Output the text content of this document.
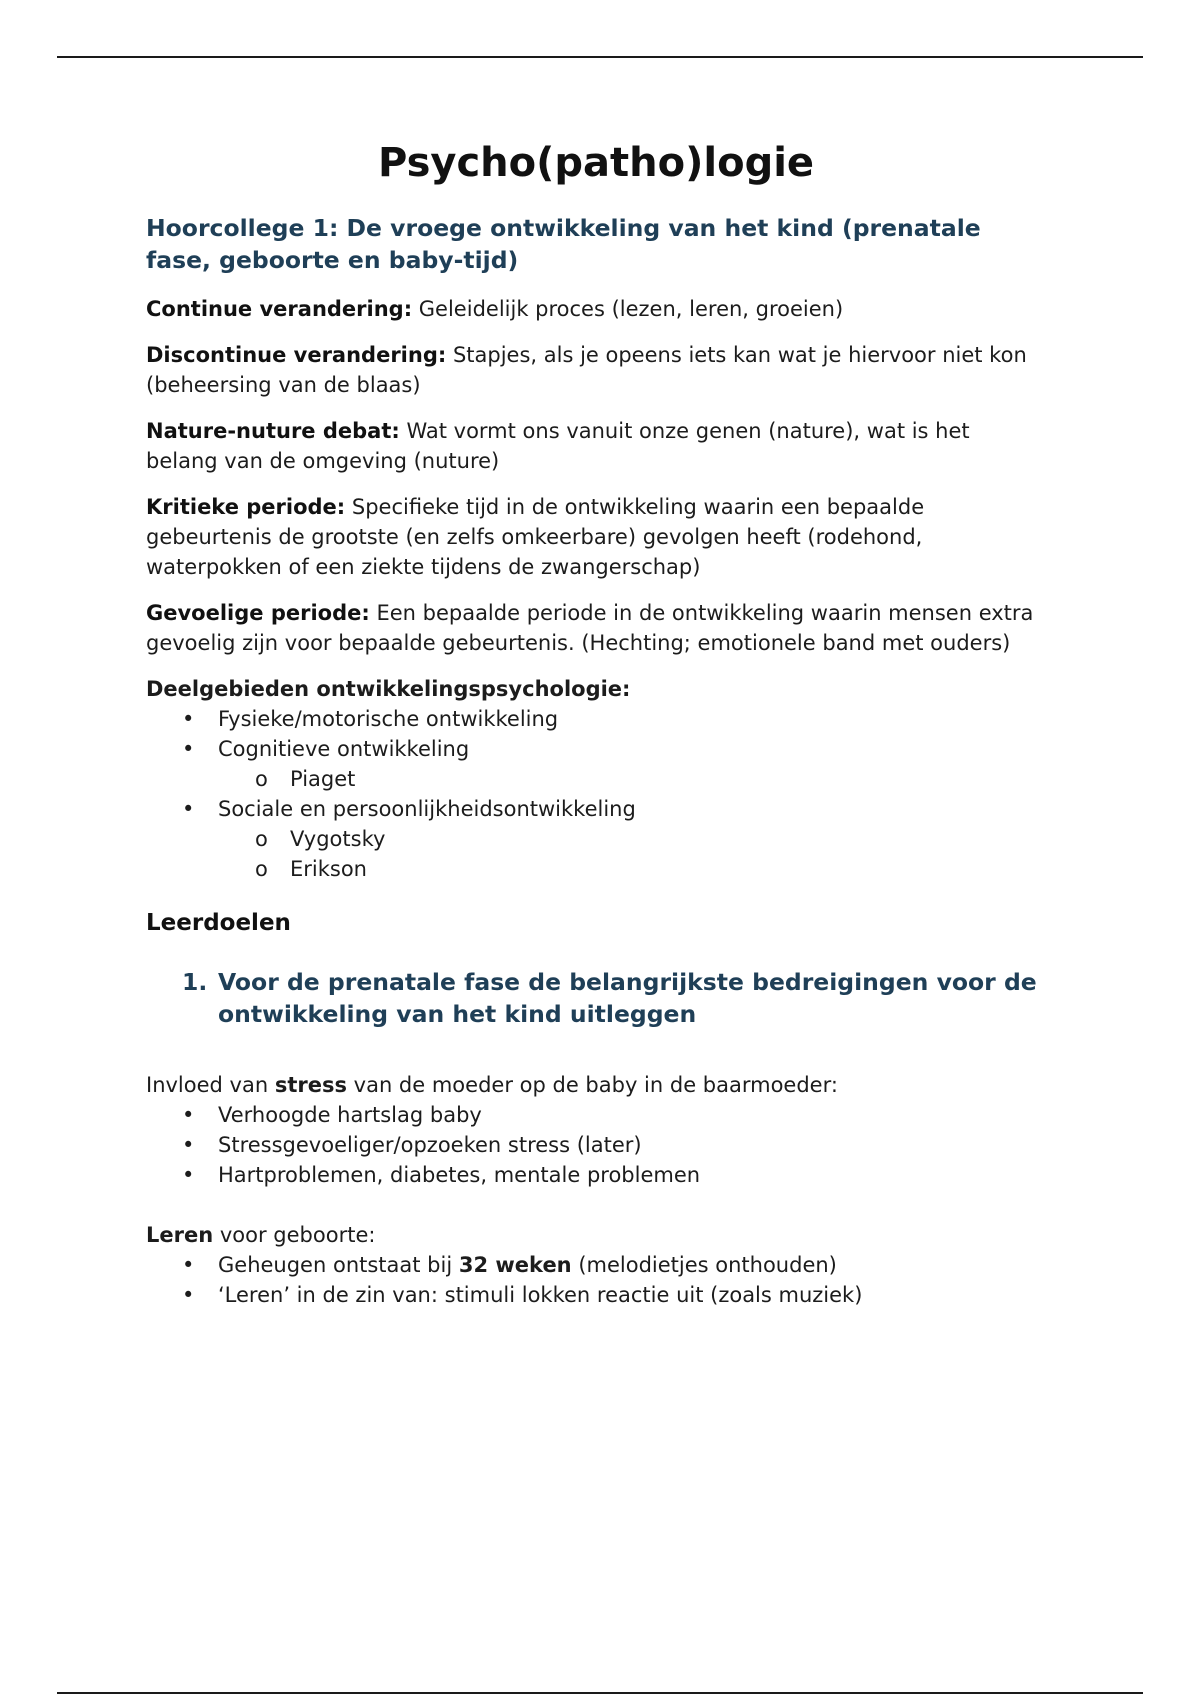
Psycho(patho)logie
Hoorcollege 1: De vroege ontwikkeling van het kind (prenatale fase, geboorte en baby-tijd)

Continue verandering: Geleidelijk proces (lezen, leren, groeien)

Discontinue verandering: Stapjes, als je opeens iets kan wat je hiervoor niet kon (beheersing van de blaas)

Nature-nuture debat: Wat vormt ons vanuit onze genen (nature), wat is het belang van de omgeving (nuture)

Kritieke periode: Specifieke tijd in de ontwikkeling waarin een bepaalde gebeurtenis de grootste (en zelfs omkeerbare) gevolgen heeft (rodehond, waterpokken of een ziekte tijdens de zwangerschap)

Gevoelige periode: Een bepaalde periode in de ontwikkeling waarin mensen extra gevoelig zijn voor bepaalde gebeurtenis. (Hechting; emotionele band met ouders)

Deelgebieden ontwikkelingspsychologie:
• Fysieke/motorische ontwikkeling
• Cognitieve ontwikkeling
o Piaget
• Sociale en persoonlijkheidsontwikkeling
o Vygotsky
o Erikson
Leerdoelen
1. Voor de prenatale fase de belangrijkste bedreigingen voor de ontwikkeling van het kind uitleggen

Invloed van stress van de moeder op de baby in de baarmoeder:

• Verhoogde hartslag baby
• Stressgevoeliger/opzoeken stress (later)
• Hartproblemen, diabetes, mentale problemen

Leren voor geboorte:

• Geheugen ontstaat bij 32 weken (melodietjes onthouden)
• ‘Leren’ in de zin van: stimuli lokken reactie uit (zoals muziek)
